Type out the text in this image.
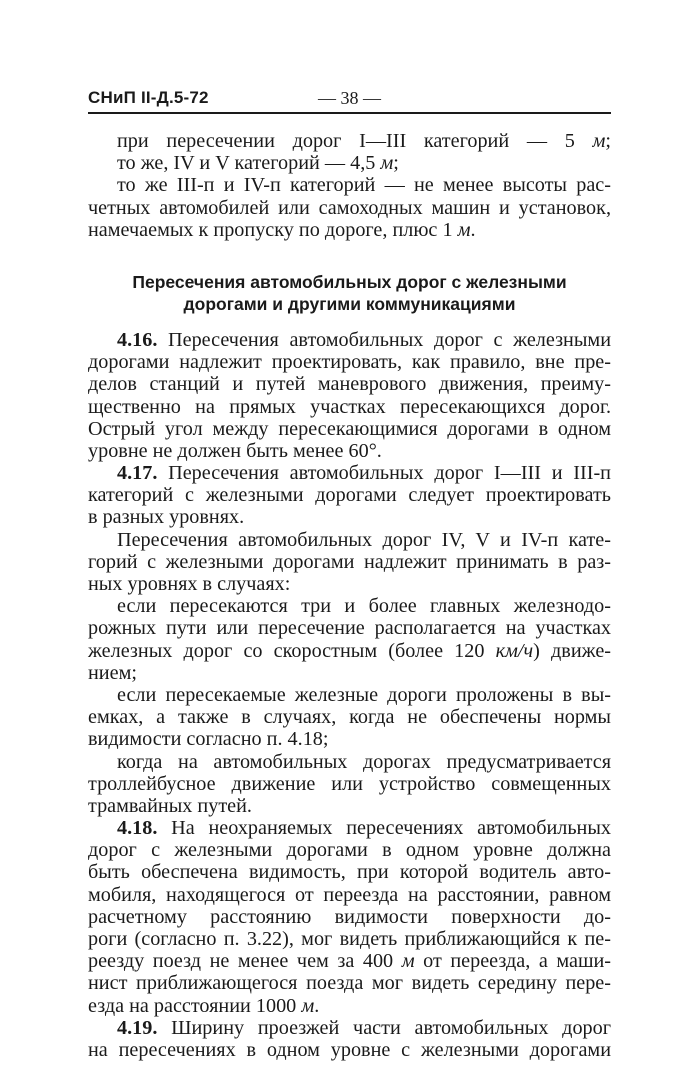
СНиП II-Д.5-72	— 38 —
при пересечении дорог I—III категорий — 5 м;
то же, IV и V категорий — 4,5 м;
то же III-п и IV-п категорий — не менее высоты рас-
четных автомобилей или самоходных машин и установок,
намечаемых к пропуску по дороге, плюс 1 м.
Пересечения автомобильных дорог с железными
дорогами и другими коммуникациями
4.16. Пересечения автомобильных дорог с железными
дорогами надлежит проектировать, как правило, вне пре-
делов станций и путей маневрового движения, преиму-
щественно на прямых участках пересекающихся дорог.
Острый угол между пересекающимися дорогами в одном
уровне не должен быть менее 60°.
4.17. Пересечения автомобильных дорог I—III и III-п
категорий с железными дорогами следует проектировать
в разных уровнях.
Пересечения автомобильных дорог IV, V и IV-п кате-
горий с железными дорогами надлежит принимать в раз-
ных уровнях в случаях:
если пересекаются три и более главных железнодо-
рожных пути или пересечение располагается на участках
железных дорог со скоростным (более 120 км/ч) движе-
нием;
если пересекаемые железные дороги проложены в вы-
емках, а также в случаях, когда не обеспечены нормы
видимости согласно п. 4.18;
когда на автомобильных дорогах предусматривается
троллейбусное движение или устройство совмещенных
трамвайных путей.
4.18. На неохраняемых пересечениях автомобильных
дорог с железными дорогами в одном уровне должна
быть обеспечена видимость, при которой водитель авто-
мобиля, находящегося от переезда на расстоянии, равном
расчетному расстоянию видимости поверхности до-
роги (согласно п. 3.22), мог видеть приближающийся к пе-
реезду поезд не менее чем за 400 м от переезда, а маши-
нист приближающегося поезда мог видеть середину пере-
езда на расстоянии 1000 м.
4.19. Ширину проезжей части автомобильных дорог
на пересечениях в одном уровне с железными дорогами
